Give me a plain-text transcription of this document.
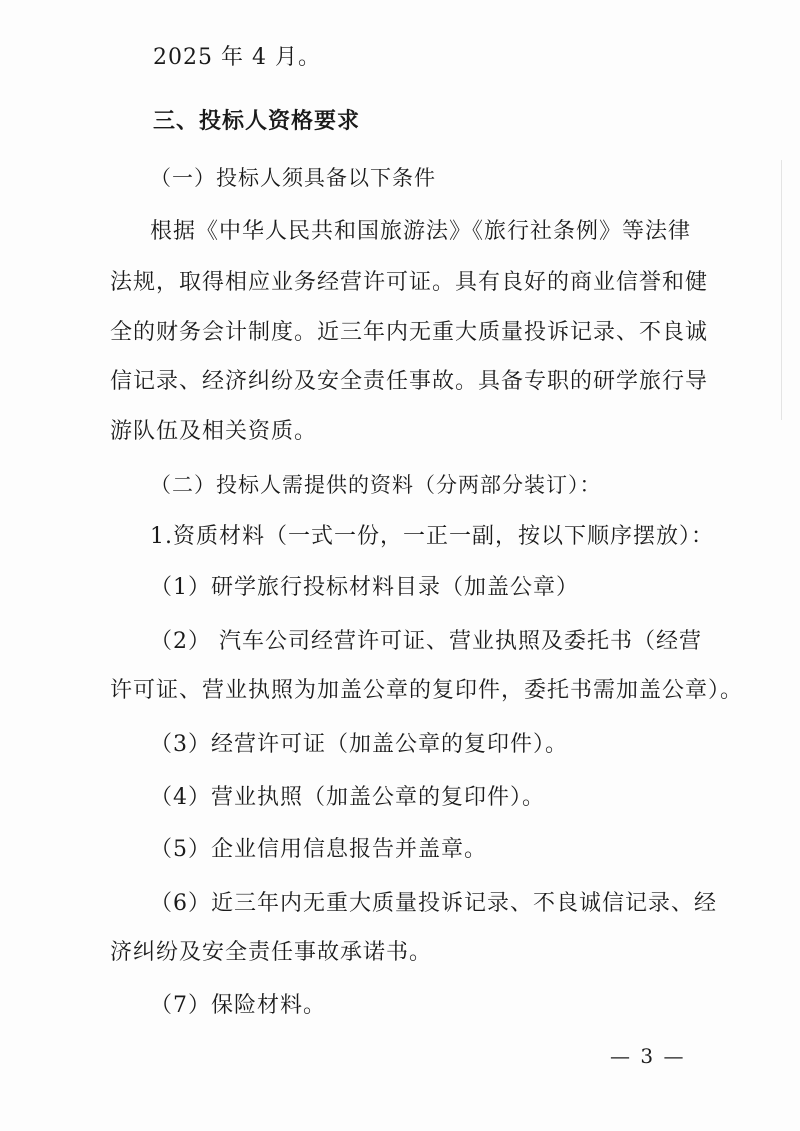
2025 年 4 月。
三、投标人资格要求
（一）投标人须具备以下条件
根据《中华人民共和国旅游法》《旅行社条例》等法律
法规，取得相应业务经营许可证。具有良好的商业信誉和健
全的财务会计制度。近三年内无重大质量投诉记录、不良诚
信记录、经济纠纷及安全责任事故。具备专职的研学旅行导
游队伍及相关资质。
（二）投标人需提供的资料（分两部分装订）：
1.资质材料（一式一份，一正一副，按以下顺序摆放）：
（1）研学旅行投标材料目录（加盖公章）
（2） 汽车公司经营许可证、营业执照及委托书（经营
许可证、营业执照为加盖公章的复印件，委托书需加盖公章）。
（3）经营许可证（加盖公章的复印件）。
（4）营业执照（加盖公章的复印件）。
（5）企业信用信息报告并盖章。
（6）近三年内无重大质量投诉记录、不良诚信记录、经
济纠纷及安全责任事故承诺书。
（7）保险材料。
— 3 —
